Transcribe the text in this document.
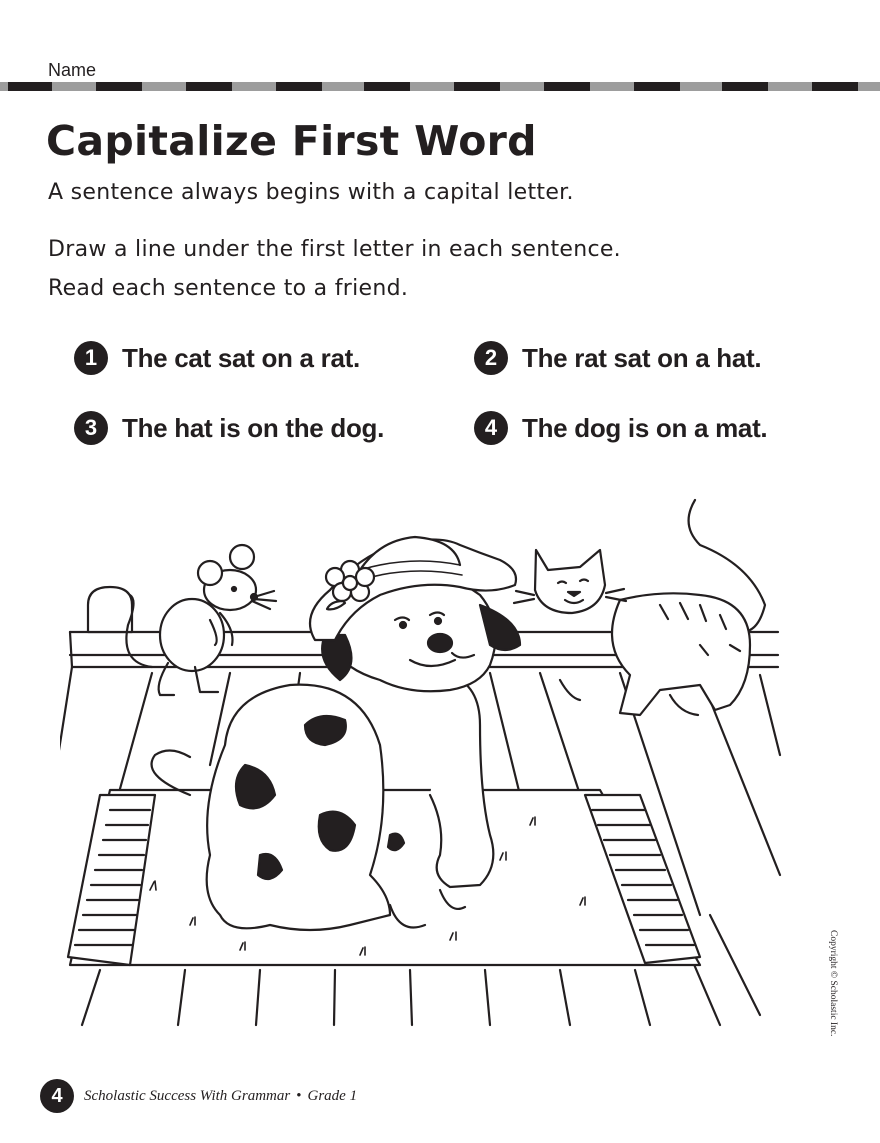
Name
Capitalize First Word
A sentence always begins with a capital letter.
Draw a line under the first letter in each sentence.
Read each sentence to a friend.
1 The cat sat on a rat.	2 The rat sat on a hat.
3 The hat is on the dog.	4 The dog is on a mat.
Copyright © Scholastic Inc.
4	Scholastic Success With Grammar • Grade 1
